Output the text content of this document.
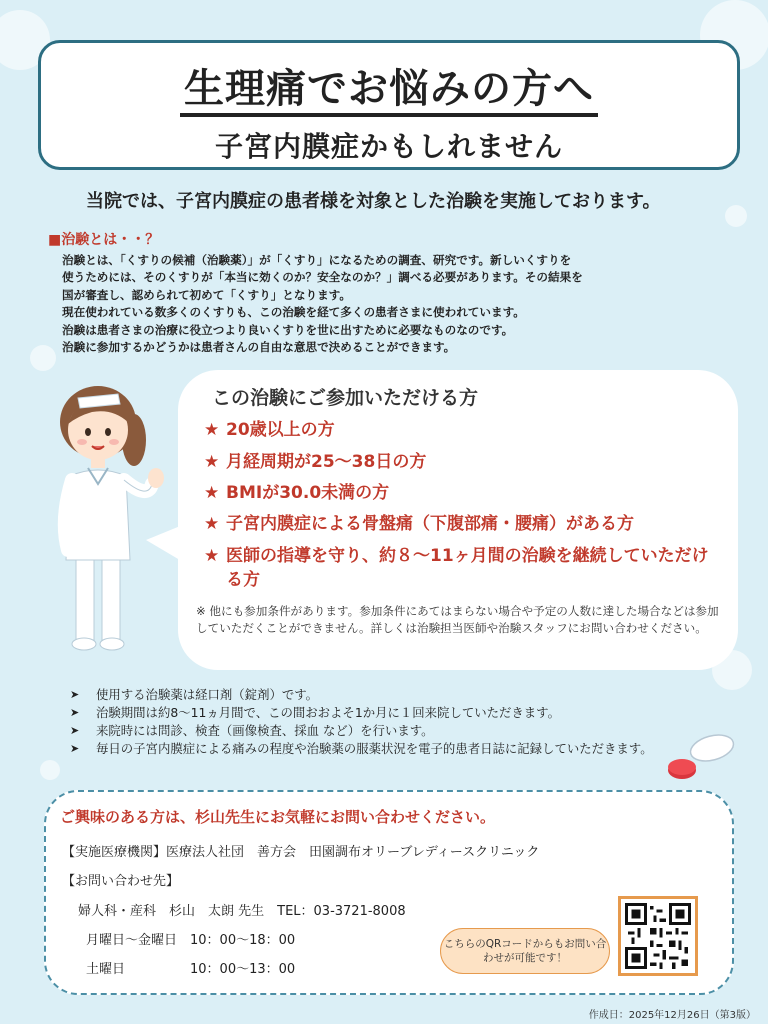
生理痛でお悩みの方へ
子宮内膜症かもしれません
当院では、子宮内膜症の患者様を対象とした治験を実施しております。
■治験とは・・？
治験とは、「くすりの候補（治験薬）」が「くすり」になるための調査、研究です。新しいくすりを
使うためには、そのくすりが「本当に効くのか？安全なのか？」調べる必要があります。その結果を
国が審査し、認められて初めて「くすり」となります。
現在使われている数多くのくすりも、この治験を経て多くの患者さまに使われています。
治験は患者さまの治療に役立つより良いくすりを世に出すために必要なものなのです。
治験に参加するかどうかは患者さんの自由な意思で決めることができます。
この治験にご参加いただける方
★ 20歳以上の方
★ 月経周期が25～38日の方
★ BMIが30.0未満の方
★ 子宮内膜症による骨盤痛（下腹部痛・腰痛）がある方
★ 医師の指導を守り、約８～11ヶ月間の治験を継続していただける方
※ 他にも参加条件があります。参加条件にあてはまらない場合や予定の人数に達した場合などは参加していただくことができません。詳しくは治験担当医師や治験スタッフにお問い合わせください。
➤ 使用する治験薬は経口剤（錠剤）です。
➤ 治験期間は約8～11ヵ月間で、この間おおよそ1か月に１回来院していただきます。
➤ 来院時には問診、検査（画像検査、採血 など）を行います。
➤ 毎日の子宮内膜症による痛みの程度や治験薬の服薬状況を電子的患者日誌に記録していただきます。
ご興味のある方は、杉山先生にお気軽にお問い合わせください。
【実施医療機関】医療法人社団　善方会　田園調布オリーブレディースクリニック
【お問い合わせ先】
婦人科・産科　杉山　太朗 先生　TEL：03-3721-8008
月曜日～金曜日　10：00～18：00
土曜日　　　　　10：00～13：00
こちらのQRコードからもお問い合わせが可能です！
作成日：2025年12月26日（第3版）
